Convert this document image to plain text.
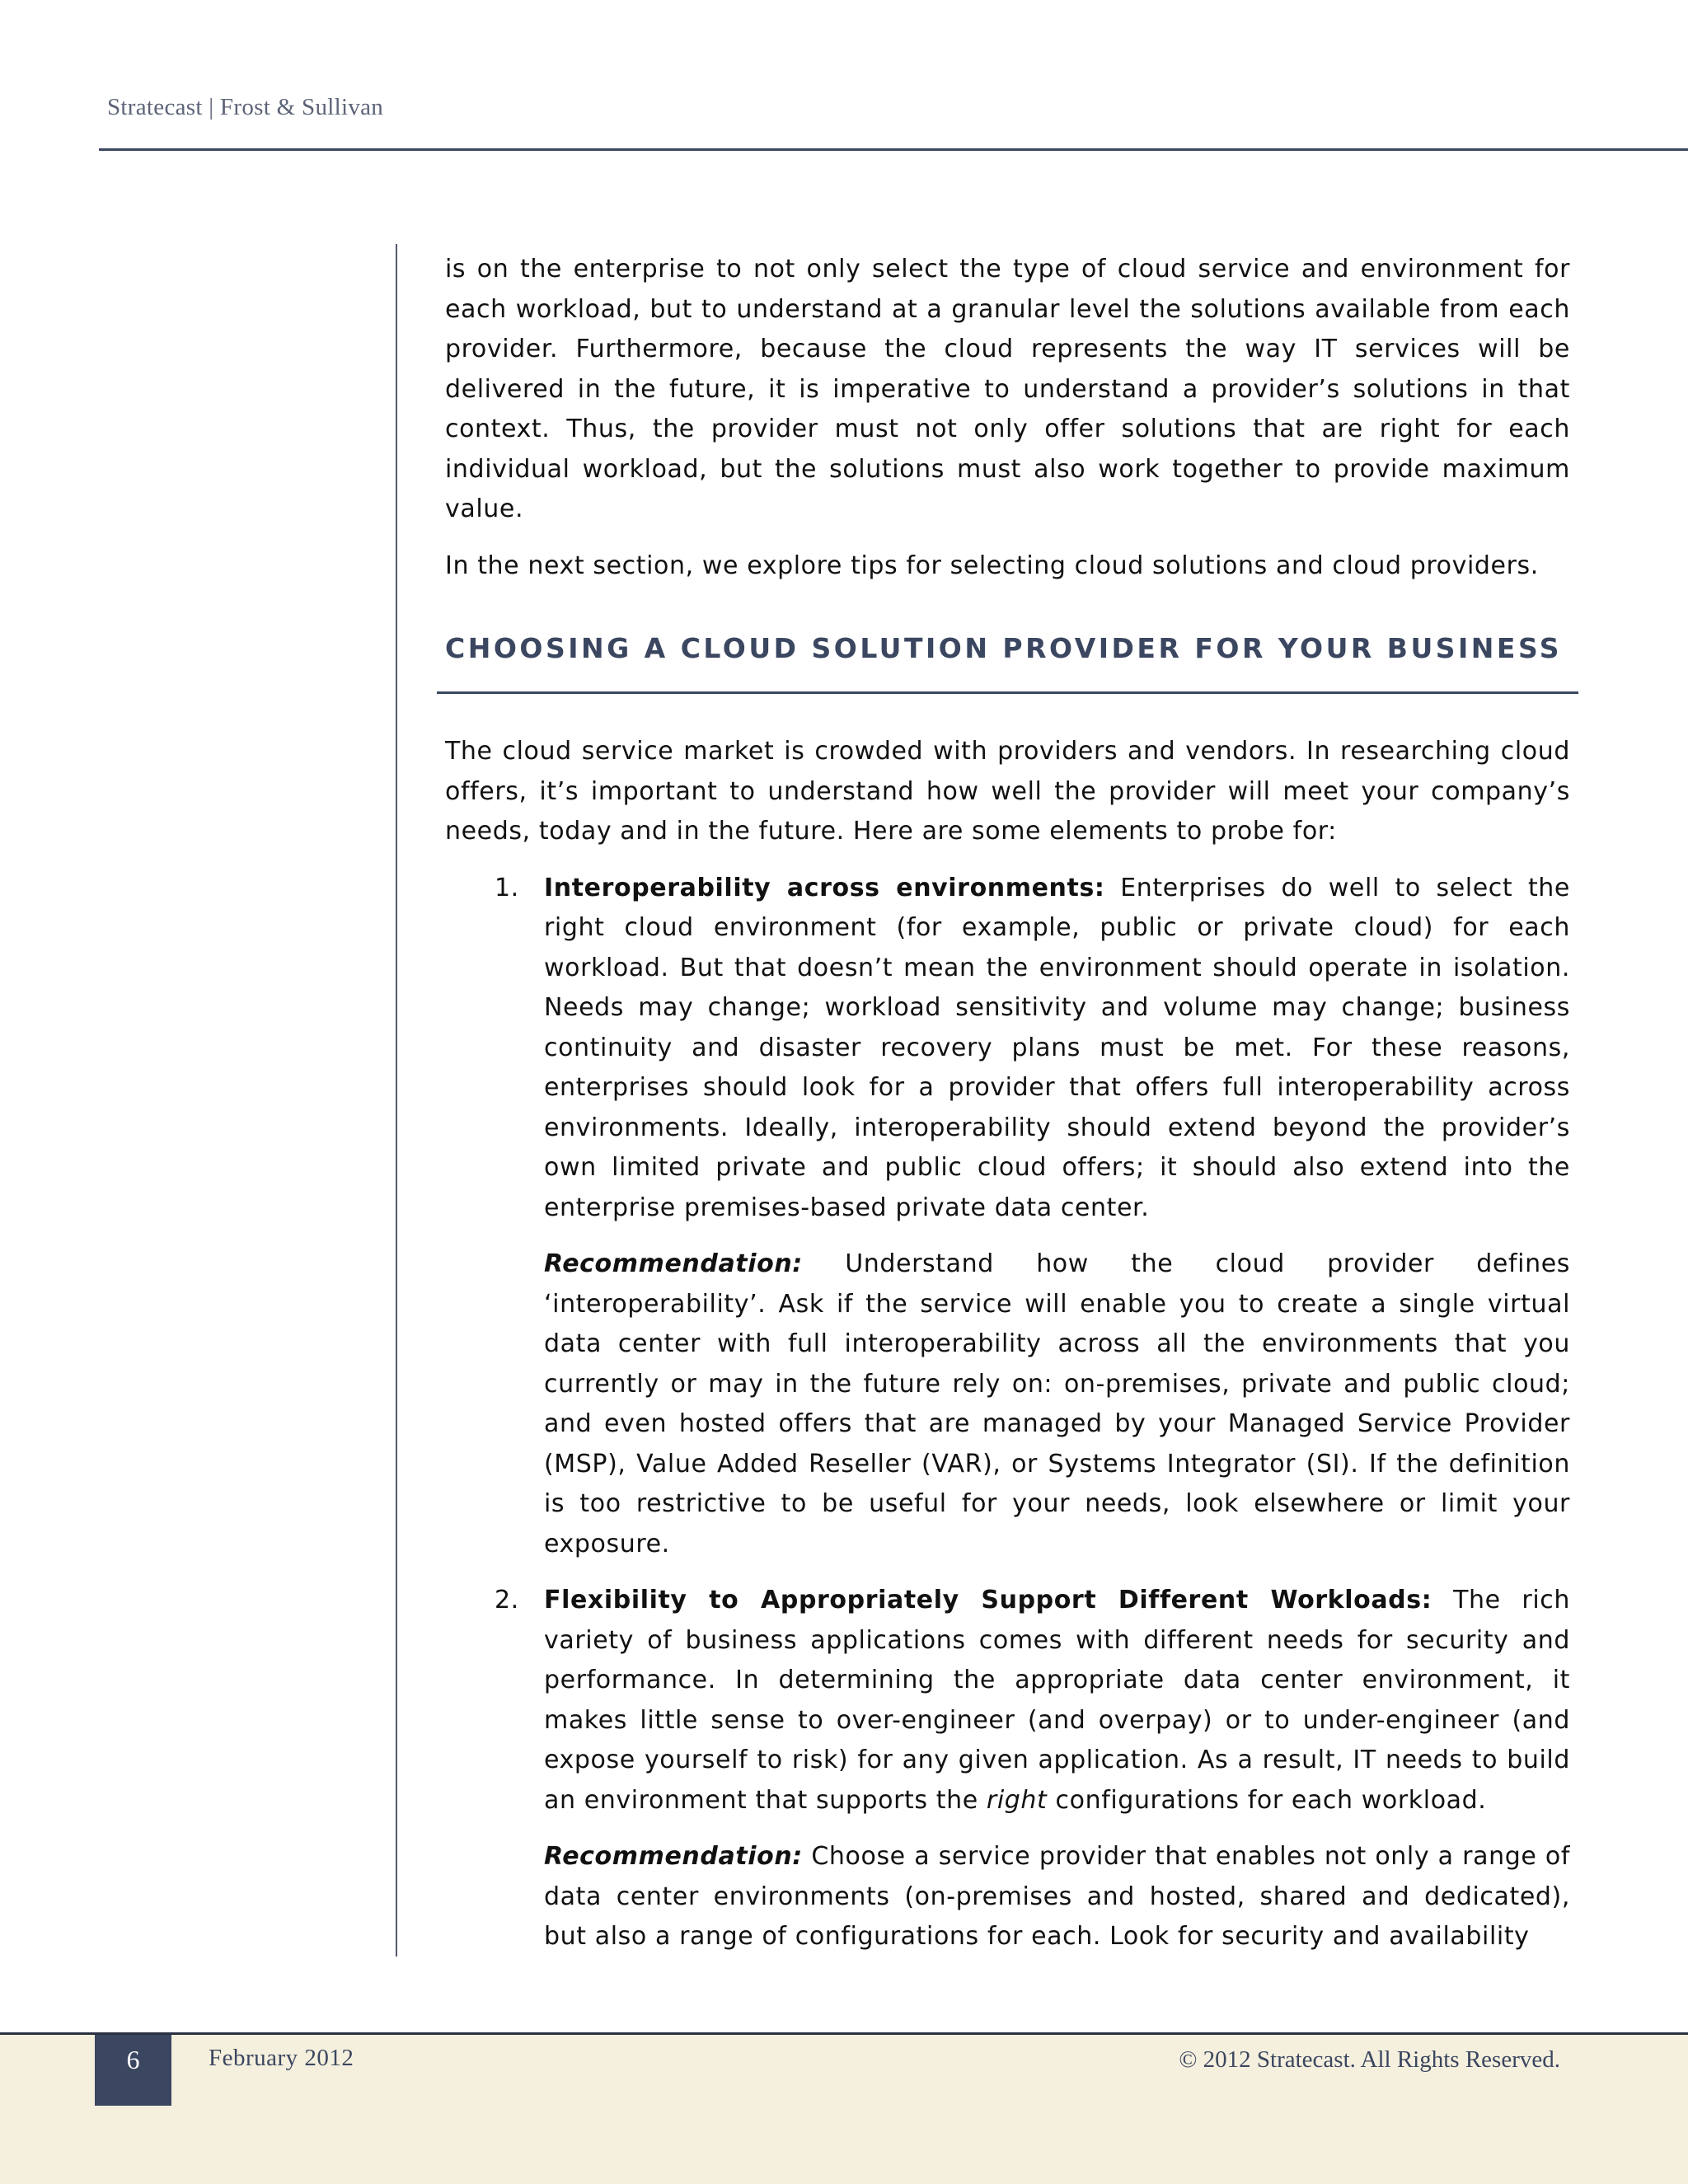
Stratecast | Frost & Sullivan

is on the enterprise to not only select the type of cloud service and environment for each workload, but to understand at a granular level the solutions available from each provider. Furthermore, because the cloud represents the way IT services will be delivered in the future, it is imperative to understand a provider’s solutions in that context. Thus, the provider must not only offer solutions that are right for each individual workload, but the solutions must also work together to provide maximum value.

In the next section, we explore tips for selecting cloud solutions and cloud providers.

CHOOSING A CLOUD SOLUTION PROVIDER FOR YOUR BUSINESS

The cloud service market is crowded with providers and vendors. In researching cloud offers, it’s important to understand how well the provider will meet your company’s needs, today and in the future. Here are some elements to probe for:

1. Interoperability across environments: Enterprises do well to select the right cloud environment (for example, public or private cloud) for each workload. But that doesn’t mean the environment should operate in isolation. Needs may change; workload sensitivity and volume may change; business continuity and disaster recovery plans must be met. For these reasons, enterprises should look for a provider that offers full interoperability across environments. Ideally, interoperability should extend beyond the provider’s own limited private and public cloud offers; it should also extend into the enterprise premises-based private data center.

Recommendation: Understand how the cloud provider defines ‘interoperability’. Ask if the service will enable you to create a single virtual data center with full interoperability across all the environments that you currently or may in the future rely on: on-premises, private and public cloud; and even hosted offers that are managed by your Managed Service Provider (MSP), Value Added Reseller (VAR), or Systems Integrator (SI). If the definition is too restrictive to be useful for your needs, look elsewhere or limit your exposure.

2. Flexibility to Appropriately Support Different Workloads: The rich variety of business applications comes with different needs for security and performance. In determining the appropriate data center environment, it makes little sense to over-engineer (and overpay) or to under-engineer (and expose yourself to risk) for any given application. As a result, IT needs to build an environment that supports the right configurations for each workload.

Recommendation: Choose a service provider that enables not only a range of data center environments (on-premises and hosted, shared and dedicated), but also a range of configurations for each. Look for security and availability

6	February 2012	© 2012 Stratecast. All Rights Reserved.
